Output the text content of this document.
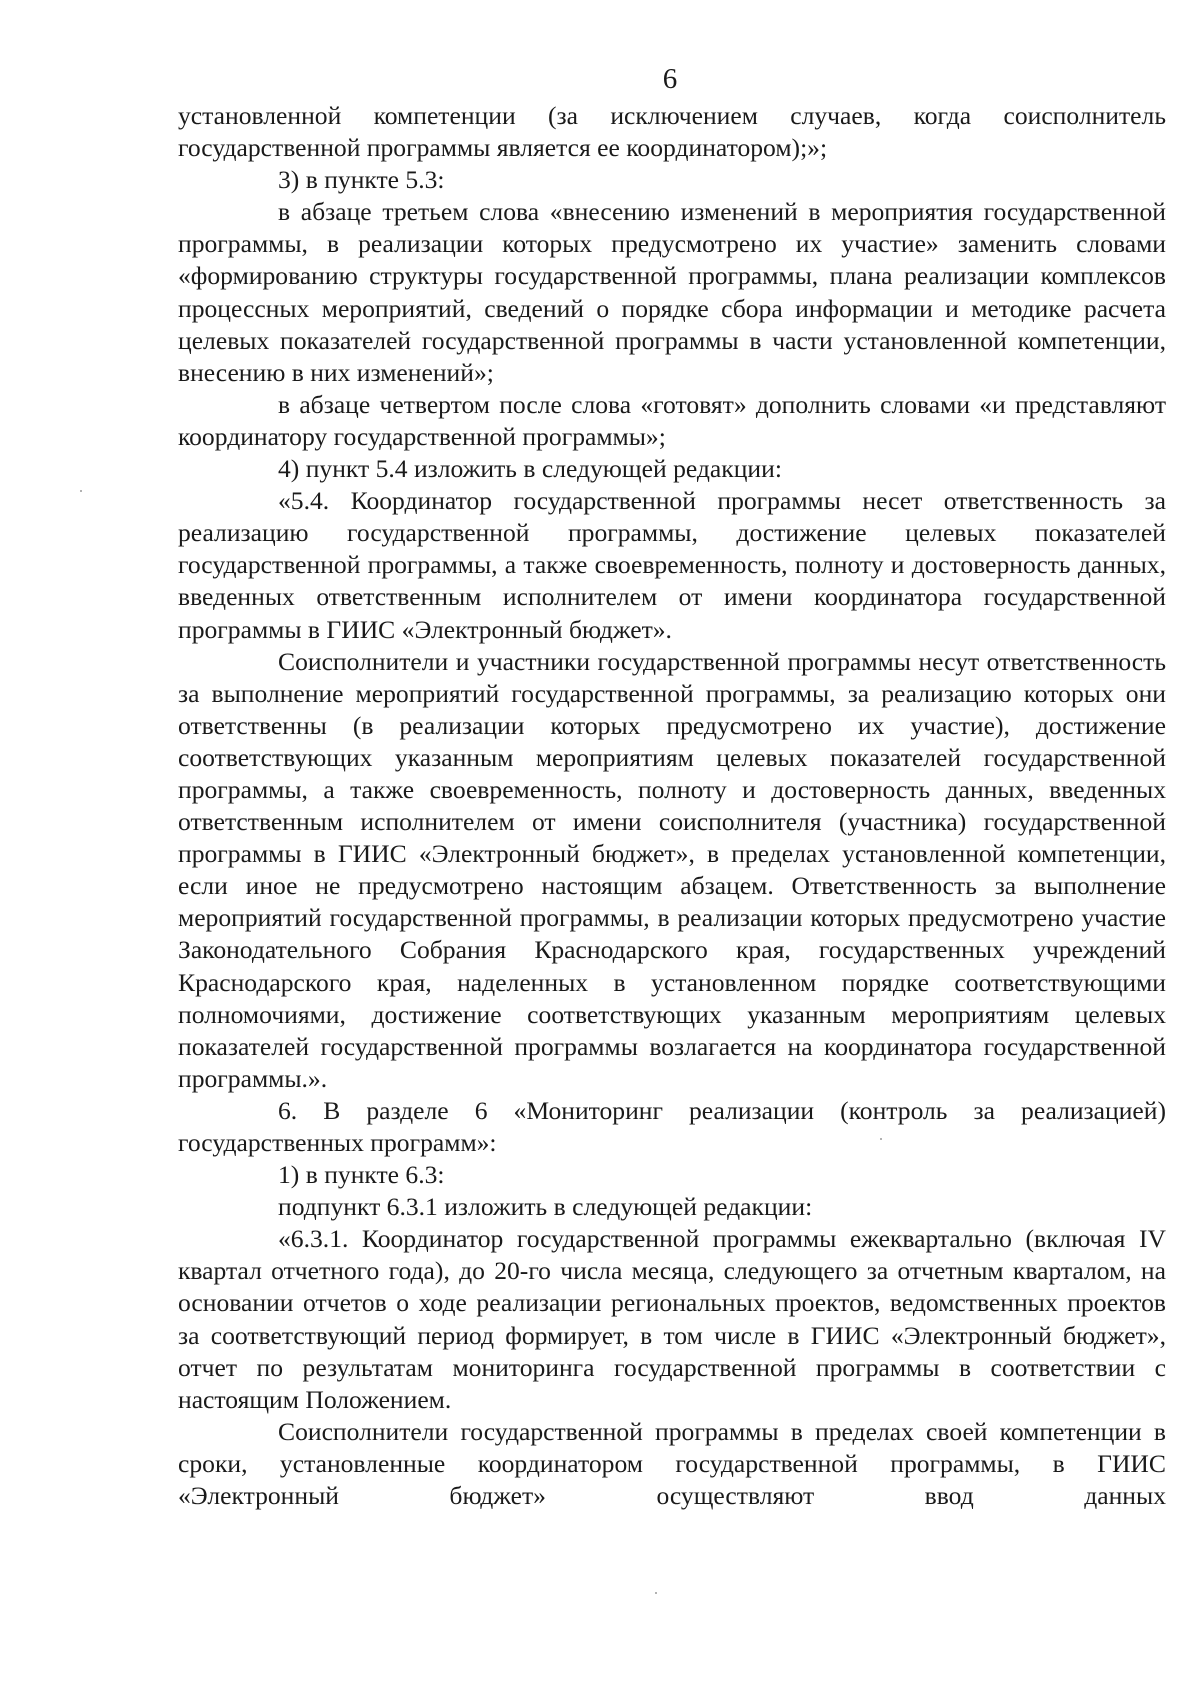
6

установленной компетенции (за исключением случаев, когда соисполнитель государственной программы является ее координатором);»;

3) в пункте 5.3:

в абзаце третьем слова «внесению изменений в мероприятия государственной программы, в реализации которых предусмотрено их участие» заменить словами «формированию структуры государственной программы, плана реализации комплексов процессных мероприятий, сведений о порядке сбора информации и методике расчета целевых показателей государственной программы в части установленной компетенции, внесению в них изменений»;

в абзаце четвертом после слова «готовят» дополнить словами «и представляют координатору государственной программы»;

4) пункт 5.4 изложить в следующей редакции:

«5.4. Координатор государственной программы несет ответственность за реализацию государственной программы, достижение целевых показателей государственной программы, а также своевременность, полноту и достоверность данных, введенных ответственным исполнителем от имени координатора государственной программы в ГИИС «Электронный бюджет».

Соисполнители и участники государственной программы несут ответственность за выполнение мероприятий государственной программы, за реализацию которых они ответственны (в реализации которых предусмотрено их участие), достижение соответствующих указанным мероприятиям целевых показателей государственной программы, а также своевременность, полноту и достоверность данных, введенных ответственным исполнителем от имени соисполнителя (участника) государственной программы в ГИИС «Электронный бюджет», в пределах установленной компетенции, если иное не предусмотрено настоящим абзацем. Ответственность за выполнение мероприятий государственной программы, в реализации которых предусмотрено участие Законодательного Собрания Краснодарского края, государственных учреждений Краснодарского края, наделенных в установленном порядке соответствующими полномочиями, достижение соответствующих указанным мероприятиям целевых показателей государственной программы возлагается на координатора государственной программы.».

6. В разделе 6 «Мониторинг реализации (контроль за реализацией) государственных программ»:

1) в пункте 6.3:

подпункт 6.3.1 изложить в следующей редакции:

«6.3.1. Координатор государственной программы ежеквартально (включая IV квартал отчетного года), до 20-го числа месяца, следующего за отчетным кварталом, на основании отчетов о ходе реализации региональных проектов, ведомственных проектов за соответствующий период формирует, в том числе в ГИИС «Электронный бюджет», отчет по результатам мониторинга государственной программы в соответствии с настоящим Положением.

Соисполнители государственной программы в пределах своей компетенции в сроки, установленные координатором государственной программы, в ГИИС «Электронный бюджет» осуществляют ввод данных
